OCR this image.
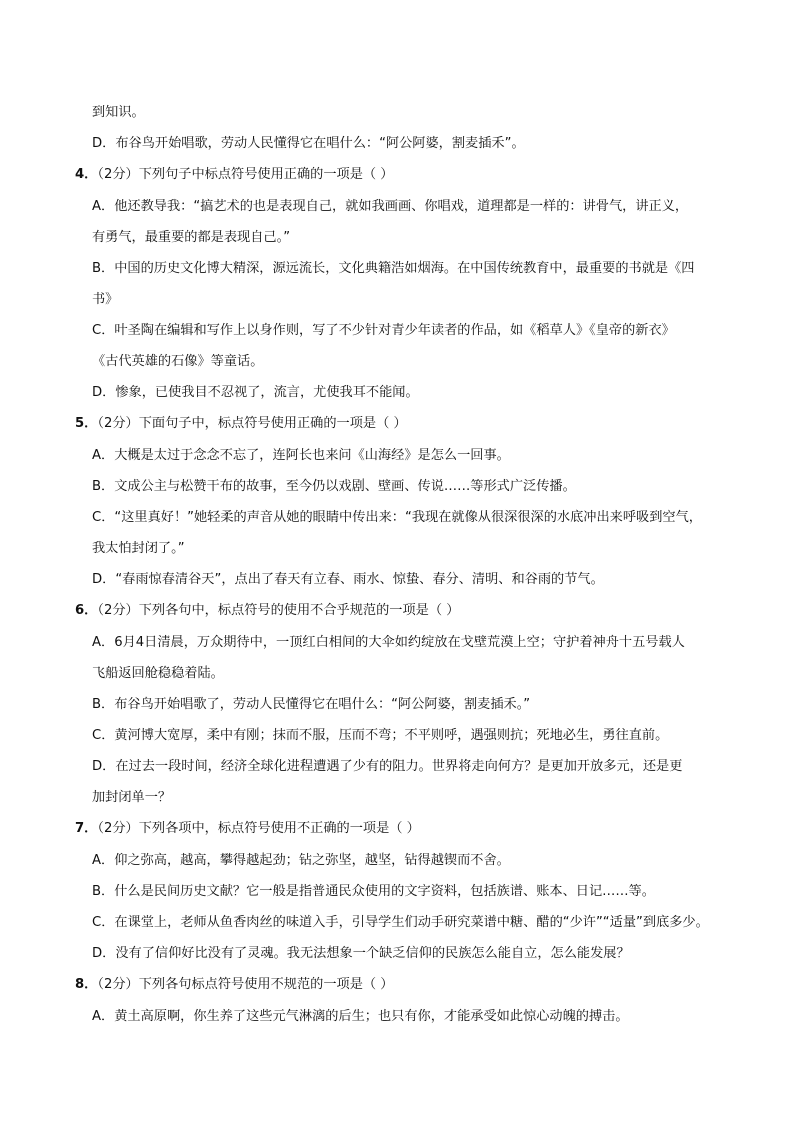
到知识。
D．布谷鸟开始唱歌，劳动人民懂得它在唱什么：“阿公阿婆，割麦插禾”。
4．（2分）下列句子中标点符号使用正确的一项是（ ）
A．他还教导我：“搞艺术的也是表现自己，就如我画画、你唱戏，道理都是一样的：讲骨气，讲正义，
有勇气，最重要的都是表现自己。”
B．中国的历史文化博大精深，源远流长，文化典籍浩如烟海。在中国传统教育中，最重要的书就是《四
书》
C．叶圣陶在编辑和写作上以身作则，写了不少针对青少年读者的作品，如《稻草人》《皇帝的新衣》
《古代英雄的石像》等童话。
D．惨象，已使我目不忍视了，流言，尤使我耳不能闻。
5．（2分）下面句子中，标点符号使用正确的一项是（ ）
A．大概是太过于念念不忘了，连阿长也来问《山海经》是怎么一回事。
B．文成公主与松赞干布的故事，至今仍以戏剧、壁画、传说……等形式广泛传播。
C．“这里真好！”她轻柔的声音从她的眼睛中传出来：“我现在就像从很深很深的水底冲出来呼吸到空气，
我太怕封闭了。”
D．“春雨惊春清谷天”，点出了春天有立春、雨水、惊蛰、春分、清明、和谷雨的节气。
6．（2分）下列各句中，标点符号的使用不合乎规范的一项是（ ）
A．6月4日清晨，万众期待中，一顶红白相间的大伞如约绽放在戈壁荒漠上空；守护着神舟十五号载人
飞船返回舱稳稳着陆。
B．布谷鸟开始唱歌了，劳动人民懂得它在唱什么：“阿公阿婆，割麦插禾。”
C．黄河博大宽厚，柔中有刚；抹而不服，压而不弯；不平则呼，遇强则抗；死地必生，勇往直前。
D．在过去一段时间，经济全球化进程遭遇了少有的阻力。世界将走向何方？是更加开放多元，还是更
加封闭单一？
7．（2分）下列各项中，标点符号使用不正确的一项是（ ）
A．仰之弥高，越高，攀得越起劲；钻之弥坚，越坚，钻得越锲而不舍。
B．什么是民间历史文献？它一般是指普通民众使用的文字资料，包括族谱、账本、日记……等。
C．在课堂上，老师从鱼香肉丝的味道入手，引导学生们动手研究菜谱中糖、醋的“少许”“适量”到底多少。
D．没有了信仰好比没有了灵魂。我无法想象一个缺乏信仰的民族怎么能自立，怎么能发展？
8．（2分）下列各句标点符号使用不规范的一项是（ ）
A．黄土高原啊，你生养了这些元气淋漓的后生；也只有你，才能承受如此惊心动魄的搏击。
